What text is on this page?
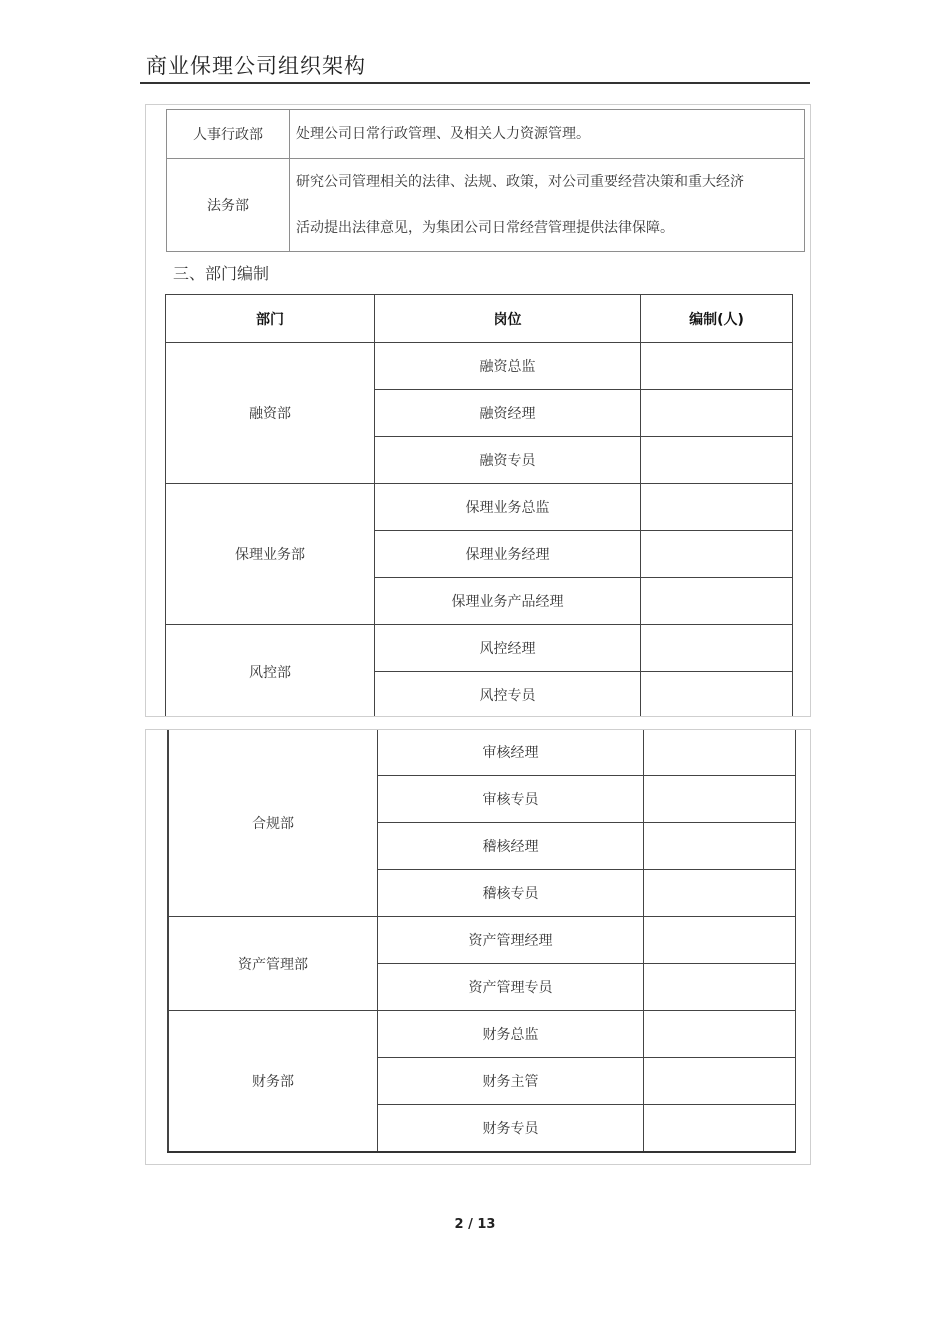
商业保理公司组织架构
人事行政部	处理公司日常行政管理、及相关人力资源管理。

法务部	研究公司管理相关的法律、法规、政策，对公司重要经营决策和重大经济
活动提出法律意见，为集团公司日常经营管理提供法律保障。
三、部门编制
部门	岗位	编制(人)
融资部	融资总监	
	融资经理	
	融资专员	
保理业务部	保理业务总监	
	保理业务经理	
	保理业务产品经理	
风控部	风控经理	
	风控专员	
合规部	审核经理	
	审核专员	
	稽核经理	
	稽核专员	
资产管理部	资产管理经理	
	资产管理专员	
财务部	财务总监	
	财务主管	
	财务专员	
2 / 13
